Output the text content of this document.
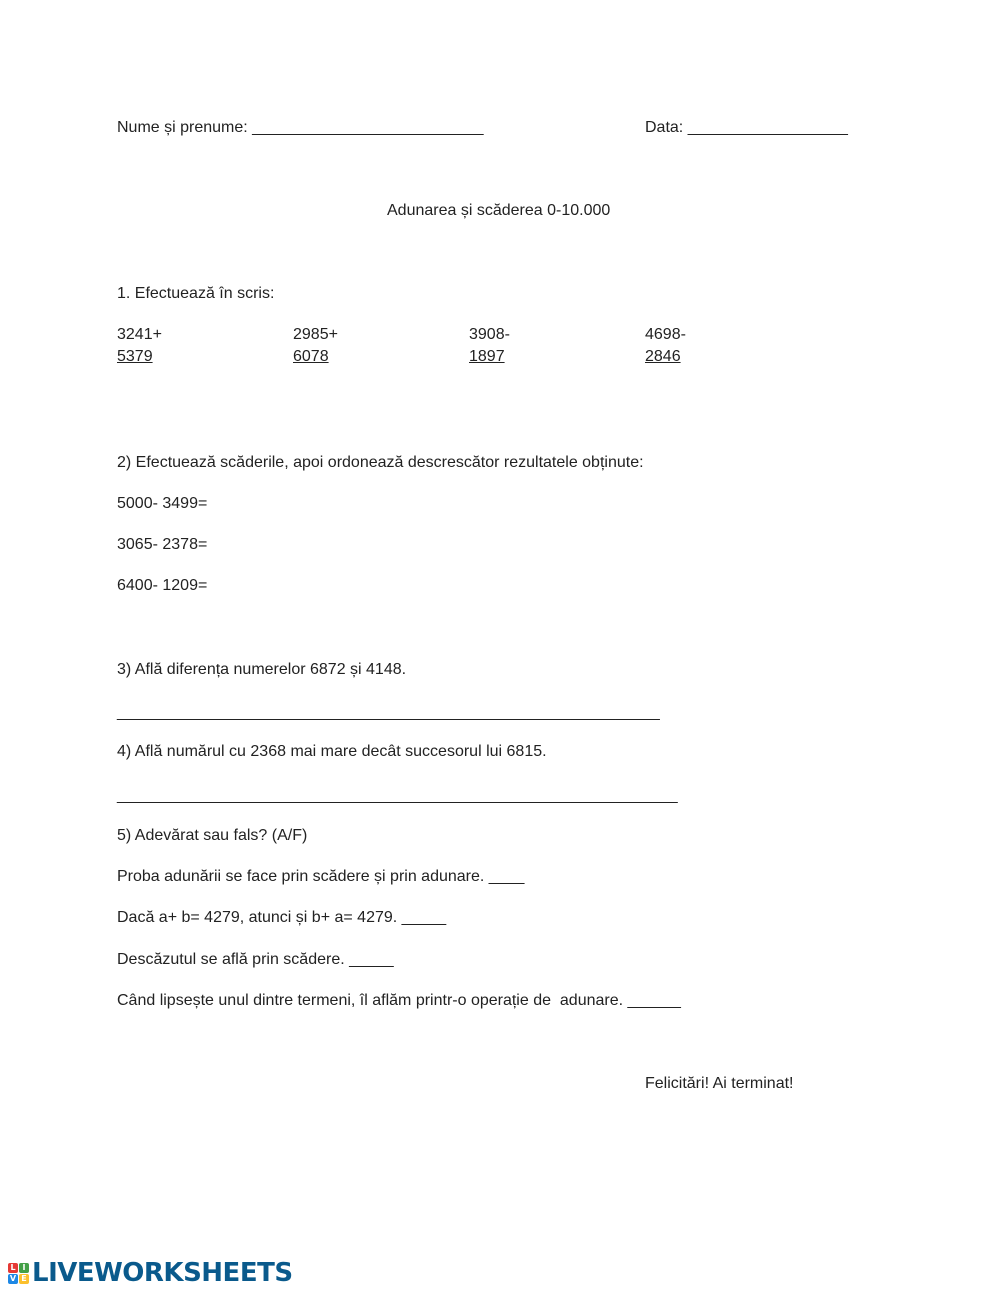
Nume și prenume: __________________________	Data: __________________
Adunarea și scăderea 0-10.000
1. Efectuează în scris:
3241+
5379
2985+
6078
3908-
1897
4698-
2846
2) Efectuează scăderile, apoi ordonează descrescător rezultatele obținute:
5000- 3499=
3065- 2378=
6400- 1209=
3) Află diferența numerelor 6872 și 4148.
_____________________________________________________________
4) Află numărul cu 2368 mai mare decât succesorul lui 6815.
_______________________________________________________________
5) Adevărat sau fals? (A/F)
Proba adunării se face prin scădere și prin adunare. ____
Dacă a+ b= 4279, atunci și b+ a= 4279. _____
Descăzutul se află prin scădere. _____
Când lipsește unul dintre termeni, îl aflăm printr-o operație de  adunare. ______
Felicitări! Ai terminat!
L I
V E LIVEWORKSHEETS
